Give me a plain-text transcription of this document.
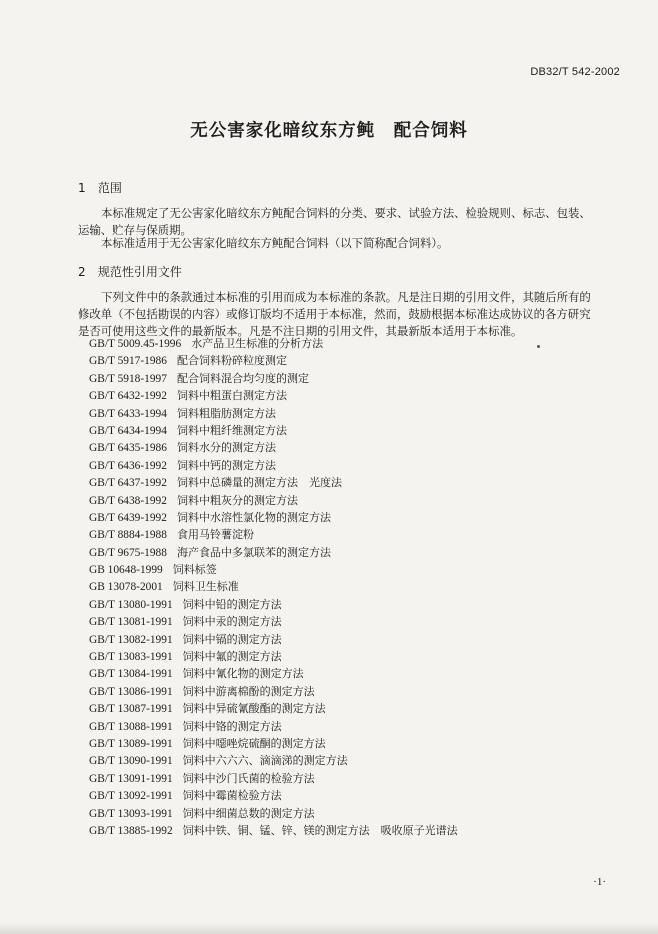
DB32/T 542-2002
无公害家化暗纹东方鲀　配合饲料
1 范围
本标准规定了无公害家化暗纹东方鲀配合饲料的分类、要求、试验方法、检验规则、标志、包装、运输、贮存与保质期。
本标准适用于无公害家化暗纹东方鲀配合饲料（以下简称配合饲料）。
2 规范性引用文件
下列文件中的条款通过本标准的引用而成为本标准的条款。凡是注日期的引用文件，其随后所有的修改单（不包括勘误的内容）或修订版均不适用于本标准，然而，鼓励根据本标准达成协议的各方研究是否可使用这些文件的最新版本。凡是不注日期的引用文件，其最新版本适用于本标准。
GB/T 5009.45-1996 水产品卫生标准的分析方法
GB/T 5917-1986 配合饲料粉碎粒度测定
GB/T 5918-1997 配合饲料混合均匀度的测定
GB/T 6432-1992 饲料中粗蛋白测定方法
GB/T 6433-1994 饲料粗脂肪测定方法
GB/T 6434-1994 饲料中粗纤维测定方法
GB/T 6435-1986 饲料水分的测定方法
GB/T 6436-1992 饲料中钙的测定方法
GB/T 6437-1992 饲料中总磷量的测定方法　光度法
GB/T 6438-1992 饲料中粗灰分的测定方法
GB/T 6439-1992 饲料中水溶性氯化物的测定方法
GB/T 8884-1988 食用马铃薯淀粉
GB/T 9675-1988 海产食品中多氯联苯的测定方法
GB 10648-1999 饲料标签
GB 13078-2001 饲料卫生标准
GB/T 13080-1991 饲料中铅的测定方法
GB/T 13081-1991 饲料中汞的测定方法
GB/T 13082-1991 饲料中镉的测定方法
GB/T 13083-1991 饲料中氟的测定方法
GB/T 13084-1991 饲料中氰化物的测定方法
GB/T 13086-1991 饲料中游离棉酚的测定方法
GB/T 13087-1991 饲料中异硫氰酸酯的测定方法
GB/T 13088-1991 饲料中铬的测定方法
GB/T 13089-1991 饲料中噁唑烷硫酮的测定方法
GB/T 13090-1991 饲料中六六六、滴滴涕的测定方法
GB/T 13091-1991 饲料中沙门氏菌的检验方法
GB/T 13092-1991 饲料中霉菌检验方法
GB/T 13093-1991 饲料中细菌总数的测定方法
GB/T 13885-1992 饲料中铁、铜、锰、锌、镁的测定方法　吸收原子光谱法
·1·
